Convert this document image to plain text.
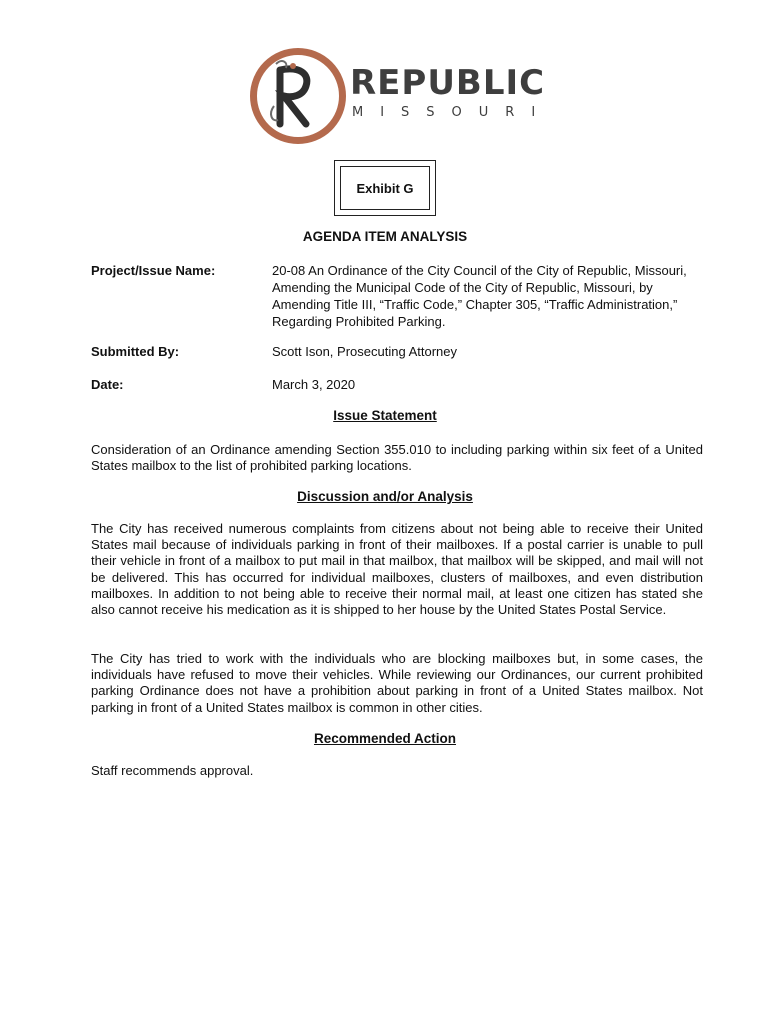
REPUBLIC
MISSOURI
Exhibit G
AGENDA ITEM ANALYSIS
Project/Issue Name:	20-08 An Ordinance of the City Council of the City of Republic, Missouri, Amending the Municipal Code of the City of Republic, Missouri, by Amending Title III, “Traffic Code,” Chapter 305, “Traffic Administration,” Regarding Prohibited Parking.
Submitted By:	Scott Ison, Prosecuting Attorney
Date:	March 3, 2020
Issue Statement
Consideration of an Ordinance amending Section 355.010 to including parking within six feet of a United States mailbox to the list of prohibited parking locations.
Discussion and/or Analysis
The City has received numerous complaints from citizens about not being able to receive their United States mail because of individuals parking in front of their mailboxes. If a postal carrier is unable to pull their vehicle in front of a mailbox to put mail in that mailbox, that mailbox will be skipped, and mail will not be delivered. This has occurred for individual mailboxes, clusters of mailboxes, and even distribution mailboxes. In addition to not being able to receive their normal mail, at least one citizen has stated she also cannot receive his medication as it is shipped to her house by the United States Postal Service.
The City has tried to work with the individuals who are blocking mailboxes but, in some cases, the individuals have refused to move their vehicles. While reviewing our Ordinances, our current prohibited parking Ordinance does not have a prohibition about parking in front of a United States mailbox. Not parking in front of a United States mailbox is common in other cities.
Recommended Action
Staff recommends approval.
